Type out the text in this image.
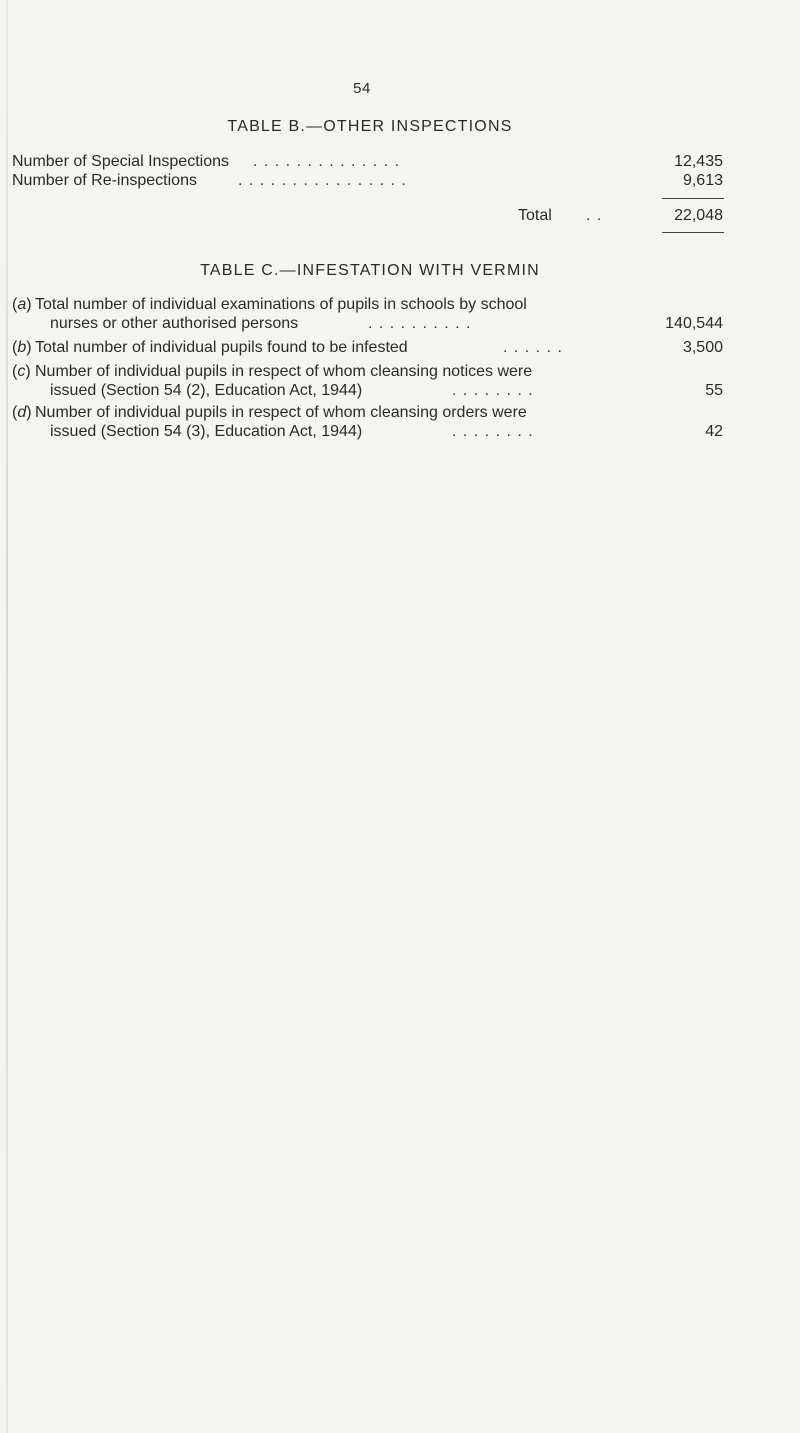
54
TABLE B.—OTHER INSPECTIONS
Number of Special Inspections . . . . . . . . . . . . . .	12,435
Number of Re-inspections	. . . . . . . . . . . . . . . .	9,613
Total . .	22,048
TABLE C.—INFESTATION WITH VERMIN
(a) Total number of individual examinations of pupils in schools by school
nurses or other authorised persons	. . . . . . . . . .	140,544
(b) Total number of individual pupils found to be infested	. . . . . .	3,500
(c) Number of individual pupils in respect of whom cleansing notices were
issued (Section 54 (2), Education Act, 1944)	. . . . . . . .	55
(d) Number of individual pupils in respect of whom cleansing orders were
issued (Section 54 (3), Education Act, 1944)	. . . . . . . .	42
